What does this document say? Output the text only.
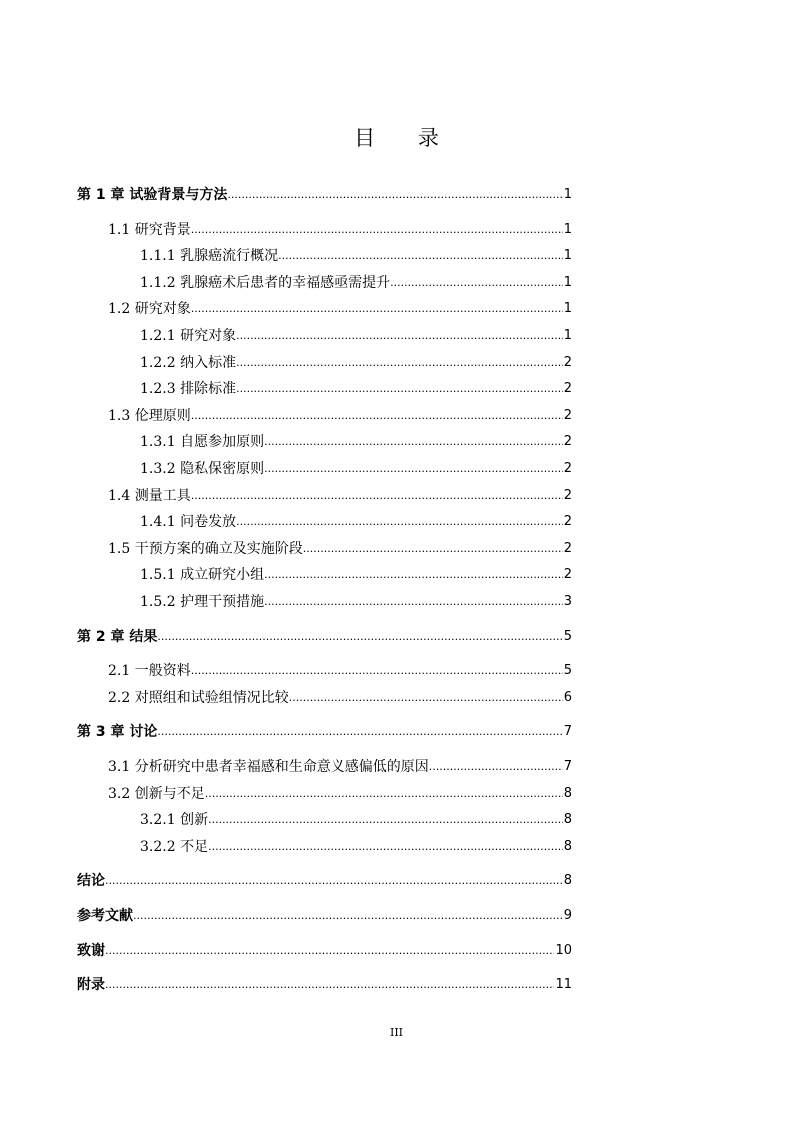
目 录
第 1 章 试验背景与方法 .....	1
1.1 研究背景 .....	1
1.1.1 乳腺癌流行概况 .....	1
1.1.2 乳腺癌术后患者的幸福感亟需提升 .....	1
1.2 研究对象 .....	1
1.2.1 研究对象 .....	1
1.2.2 纳入标准 .....	2
1.2.3 排除标准 .....	2
1.3 伦理原则 .....	2
1.3.1 自愿参加原则 .....	2
1.3.2 隐私保密原则 .....	2
1.4 测量工具 .....	2
1.4.1 问卷发放 .....	2
1.5 干预方案的确立及实施阶段 .....	2
1.5.1 成立研究小组 .....	2
1.5.2 护理干预措施 .....	3
第 2 章 结果 .....	5
2.1 一般资料 .....	5
2.2 对照组和试验组情况比较 .....	6
第 3 章 讨论 .....	7
3.1 分析研究中患者幸福感和生命意义感偏低的原因 .....	7
3.2 创新与不足 .....	8
3.2.1 创新 .....	8
3.2.2 不足 .....	8
结论 .....	8
参考文献 .....	9
致谢 .....	10
附录 .....	11
III
